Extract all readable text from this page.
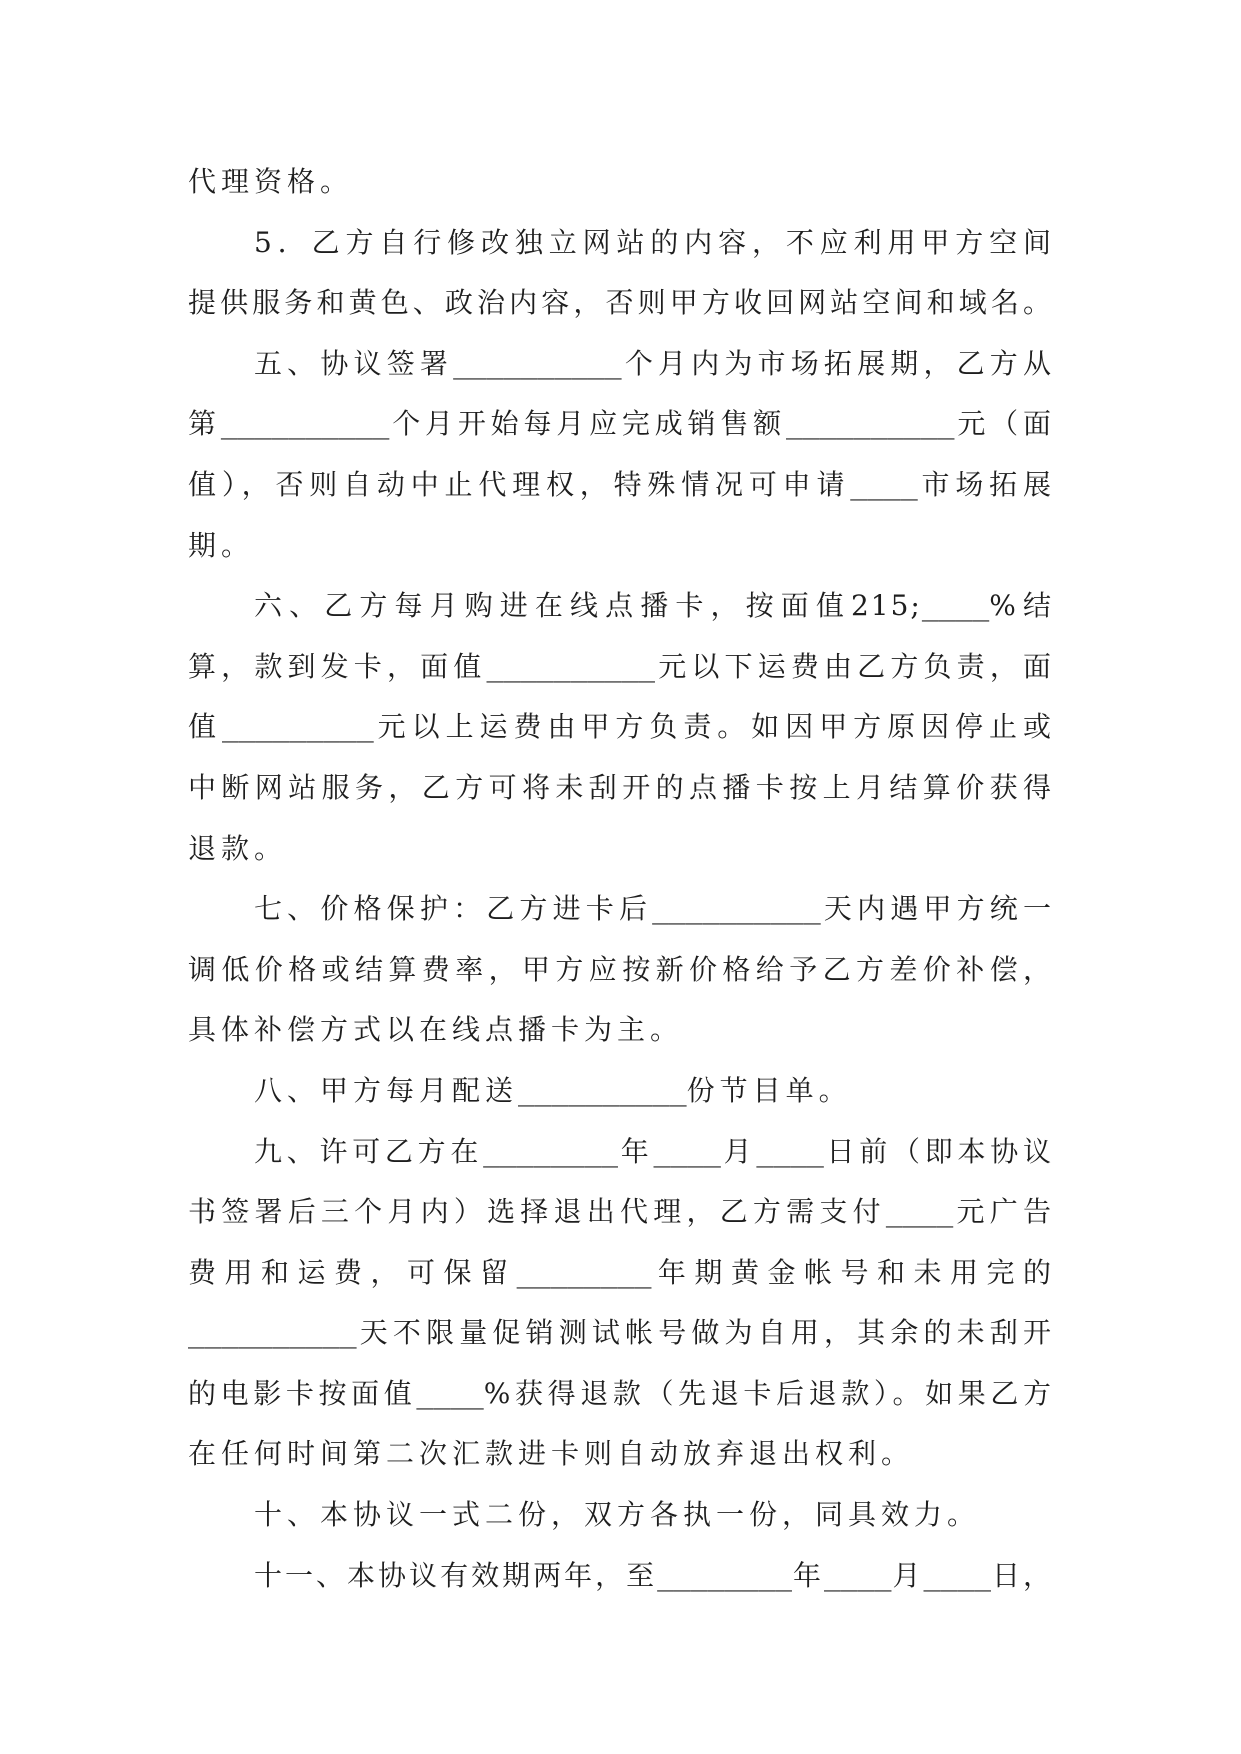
代理资格。
5．乙方自行修改独立网站的内容，不应利用甲方空间
提供服务和黄色、政治内容，否则甲方收回网站空间和域名。
五、协议签署__________个月内为市场拓展期，乙方从
第__________个月开始每月应完成销售额__________元（面
值），否则自动中止代理权，特殊情况可申请____市场拓展
期。
六、乙方每月购进在线点播卡，按面值215;____%结
算，款到发卡，面值__________元以下运费由乙方负责，面
值_________元以上运费由甲方负责。如因甲方原因停止或
中断网站服务，乙方可将未刮开的点播卡按上月结算价获得
退款。
七、价格保护：乙方进卡后__________天内遇甲方统一
调低价格或结算费率，甲方应按新价格给予乙方差价补偿，
具体补偿方式以在线点播卡为主。
八、甲方每月配送__________份节目单。
九、许可乙方在________年____月____日前（即本协议
书签署后三个月内）选择退出代理，乙方需支付____元广告
费用和运费，可保留________年期黄金帐号和未用完的
__________天不限量促销测试帐号做为自用，其余的未刮开
的电影卡按面值____%获得退款（先退卡后退款）。如果乙方
在任何时间第二次汇款进卡则自动放弃退出权利。
十、本协议一式二份，双方各执一份，同具效力。
十一、本协议有效期两年，至________年____月____日，
